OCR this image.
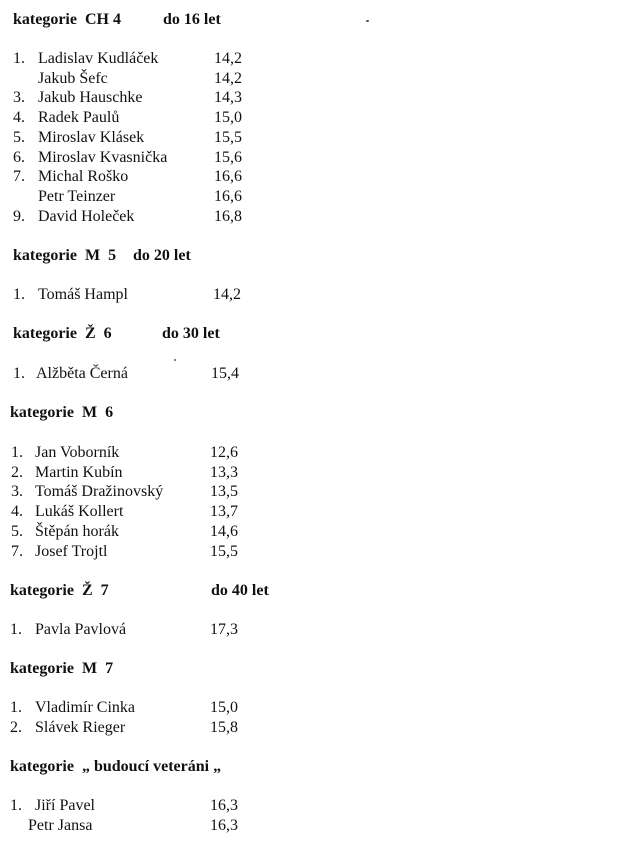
kategorie  CH 4	do 16 let
1. Ladislav Kudláček	14,2
Jakub Šefc	14,2
3. Jakub Hauschke	14,3
4. Radek Paulů	15,0
5. Miroslav Klásek	15,5
6. Miroslav Kvasnička	15,6
7. Michal Roško	16,6
Petr Teinzer	16,6
9. David Holeček	16,8
kategorie  M  5 do 20 let
1. Tomáš Hampl	14,2
kategorie  Ž  6	do 30 let
1. Alžběta Černá	15,4
kategorie  M  6
1. Jan Voborník	12,6
2. Martin Kubín	13,3
3. Tomáš Dražinovský	13,5
4. Lukáš Kollert	13,7
5. Štěpán horák	14,6
7. Josef Trojtl	15,5
kategorie  Ž  7	do 40 let
1. Pavla Pavlová	17,3
kategorie  M  7
1. Vladimír Cinka	15,0
2. Slávek Rieger	15,8
kategorie  „ budoucí veteráni „
1. Jiří Pavel	16,3
Petr Jansa	16,3
